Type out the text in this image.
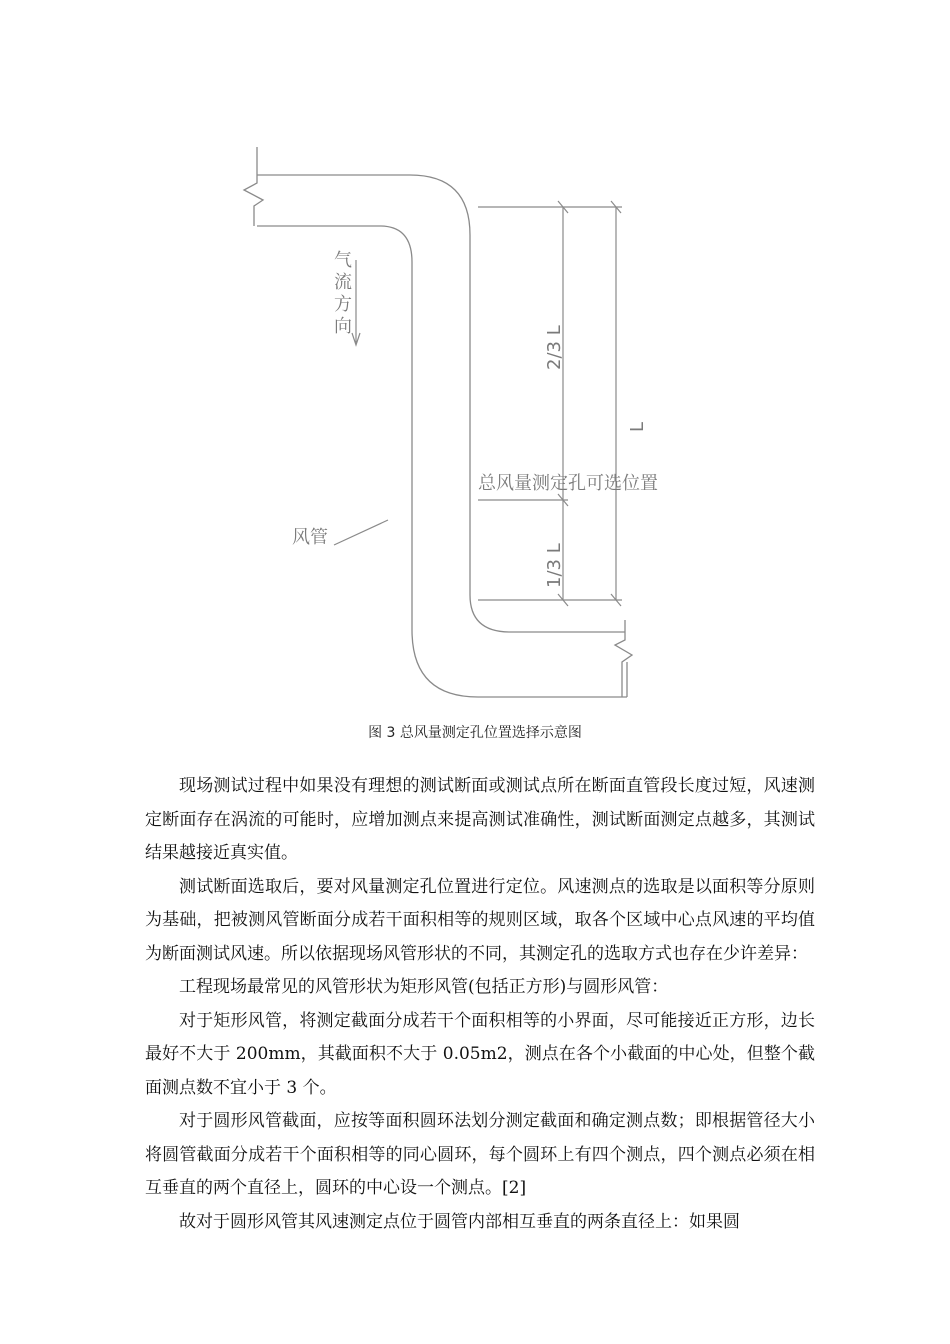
气
流
方
向
风管
2/3 L
L
1/3 L
总风量测定孔可选位置
图 3 总风量测定孔位置选择示意图

现场测试过程中如果没有理想的测试断面或测试点所在断面直管段长度过短，风速测定断面存在涡流的可能时，应增加测点来提高测试准确性，测试断面测定点越多，其测试结果越接近真实值。

测试断面选取后，要对风量测定孔位置进行定位。风速测点的选取是以面积等分原则为基础，把被测风管断面分成若干面积相等的规则区域，取各个区域中心点风速的平均值为断面测试风速。所以依据现场风管形状的不同，其测定孔的选取方式也存在少许差异：

工程现场最常见的风管形状为矩形风管(包括正方形)与圆形风管：

对于矩形风管，将测定截面分成若干个面积相等的小界面，尽可能接近正方形，边长最好不大于 200mm，其截面积不大于 0.05m2，测点在各个小截面的中心处，但整个截面测点数不宜小于 3 个。

对于圆形风管截面，应按等面积圆环法划分测定截面和确定测点数；即根据管径大小将圆管截面分成若干个面积相等的同心圆环，每个圆环上有四个测点，四个测点必须在相互垂直的两个直径上，圆环的中心设一个测点。[2]

故对于圆形风管其风速测定点位于圆管内部相互垂直的两条直径上：如果圆
